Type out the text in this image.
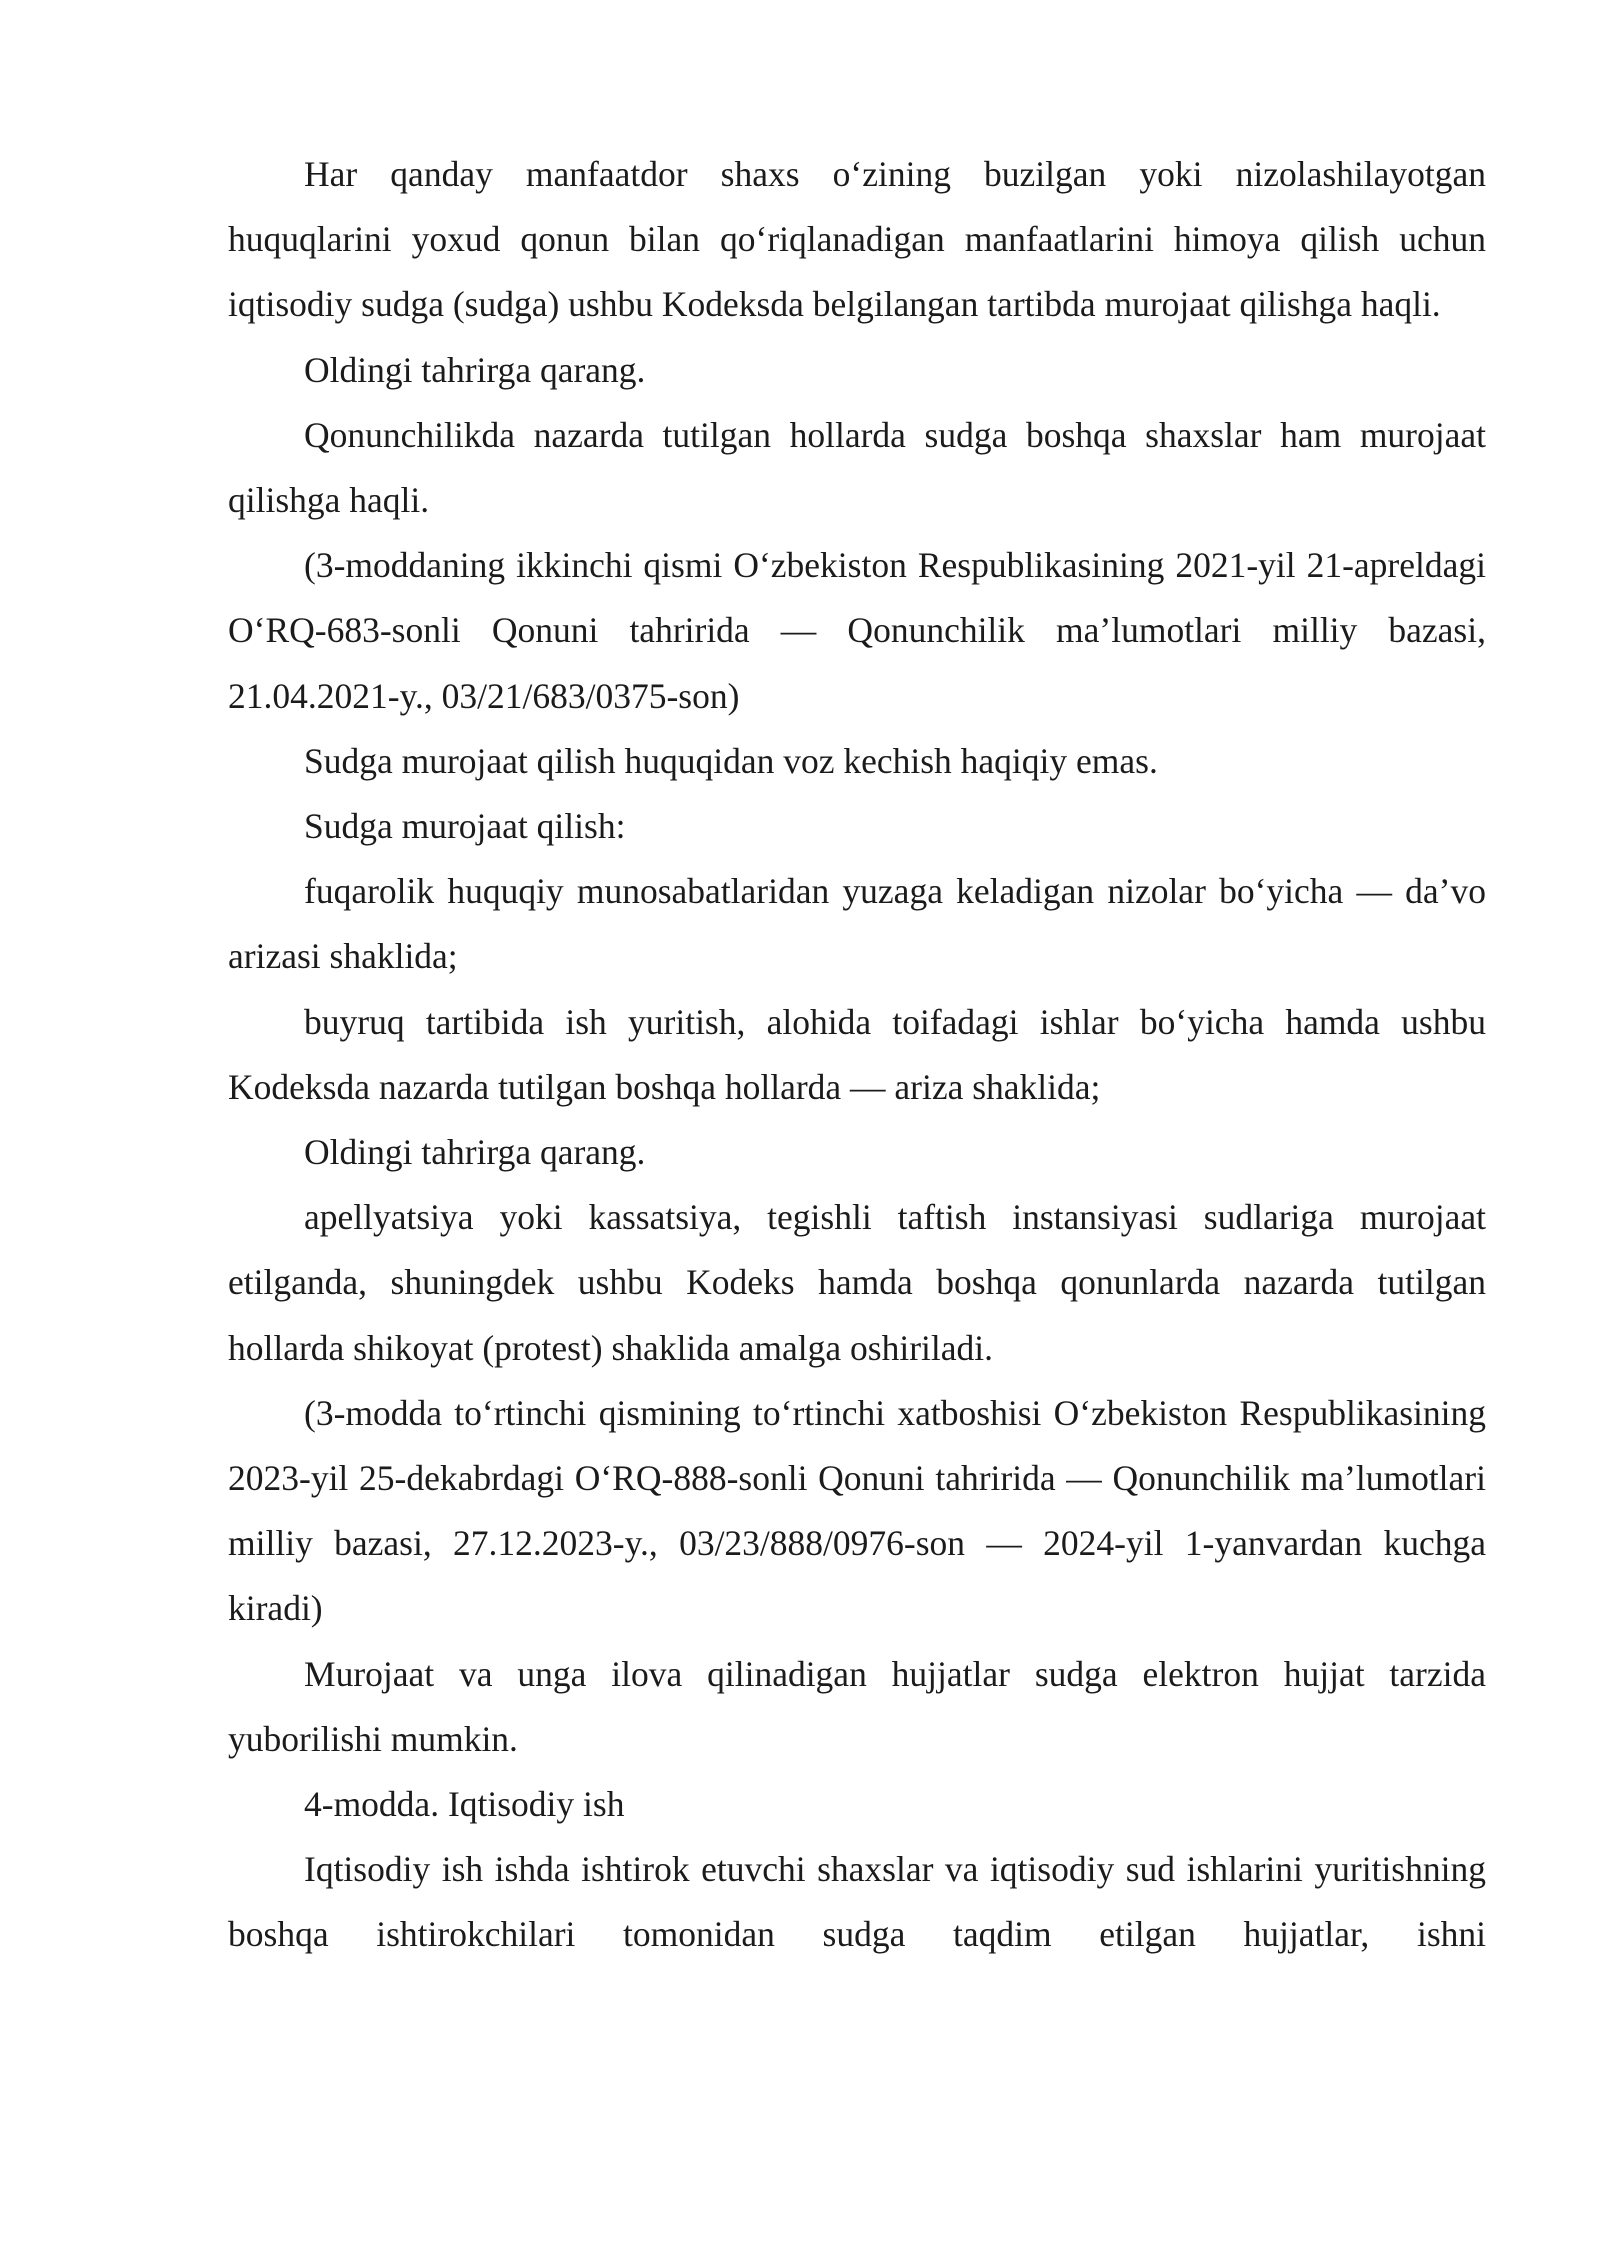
Har qanday manfaatdor shaxs o‘zining buzilgan yoki nizolashilayotgan huquqlarini yoxud qonun bilan qo‘riqlanadigan manfaatlarini himoya qilish uchun iqtisodiy sudga (sudga) ushbu Kodeksda belgilangan tartibda murojaat qilishga haqli.

Oldingi tahrirga qarang.

Qonunchilikda nazarda tutilgan hollarda sudga boshqa shaxslar ham murojaat qilishga haqli.

(3-moddaning ikkinchi qismi O‘zbekiston Respublikasining 2021-yil 21-apreldagi O‘RQ-683-sonli Qonuni tahririda — Qonunchilik ma’lumotlari milliy bazasi, 21.04.2021-y., 03/21/683/0375-son)

Sudga murojaat qilish huquqidan voz kechish haqiqiy emas.

Sudga murojaat qilish:

fuqarolik huquqiy munosabatlaridan yuzaga keladigan nizolar bo‘yicha — da’vo arizasi shaklida;

buyruq tartibida ish yuritish, alohida toifadagi ishlar bo‘yicha hamda ushbu Kodeksda nazarda tutilgan boshqa hollarda — ariza shaklida;

Oldingi tahrirga qarang.

apellyatsiya yoki kassatsiya, tegishli taftish instansiyasi sudlariga murojaat etilganda, shuningdek ushbu Kodeks hamda boshqa qonunlarda nazarda tutilgan hollarda shikoyat (protest) shaklida amalga oshiriladi.

(3-modda to‘rtinchi qismining to‘rtinchi xatboshisi O‘zbekiston Respublikasining 2023-yil 25-dekabrdagi O‘RQ-888-sonli Qonuni tahririda — Qonunchilik ma’lumotlari milliy bazasi, 27.12.2023-y., 03/23/888/0976-son — 2024-yil 1-yanvardan kuchga kiradi)

Murojaat va unga ilova qilinadigan hujjatlar sudga elektron hujjat tarzida yuborilishi mumkin.

4-modda. Iqtisodiy ish

Iqtisodiy ish ishda ishtirok etuvchi shaxslar va iqtisodiy sud ishlarini yuritishning boshqa ishtirokchilari tomonidan sudga taqdim etilgan hujjatlar, ishni
